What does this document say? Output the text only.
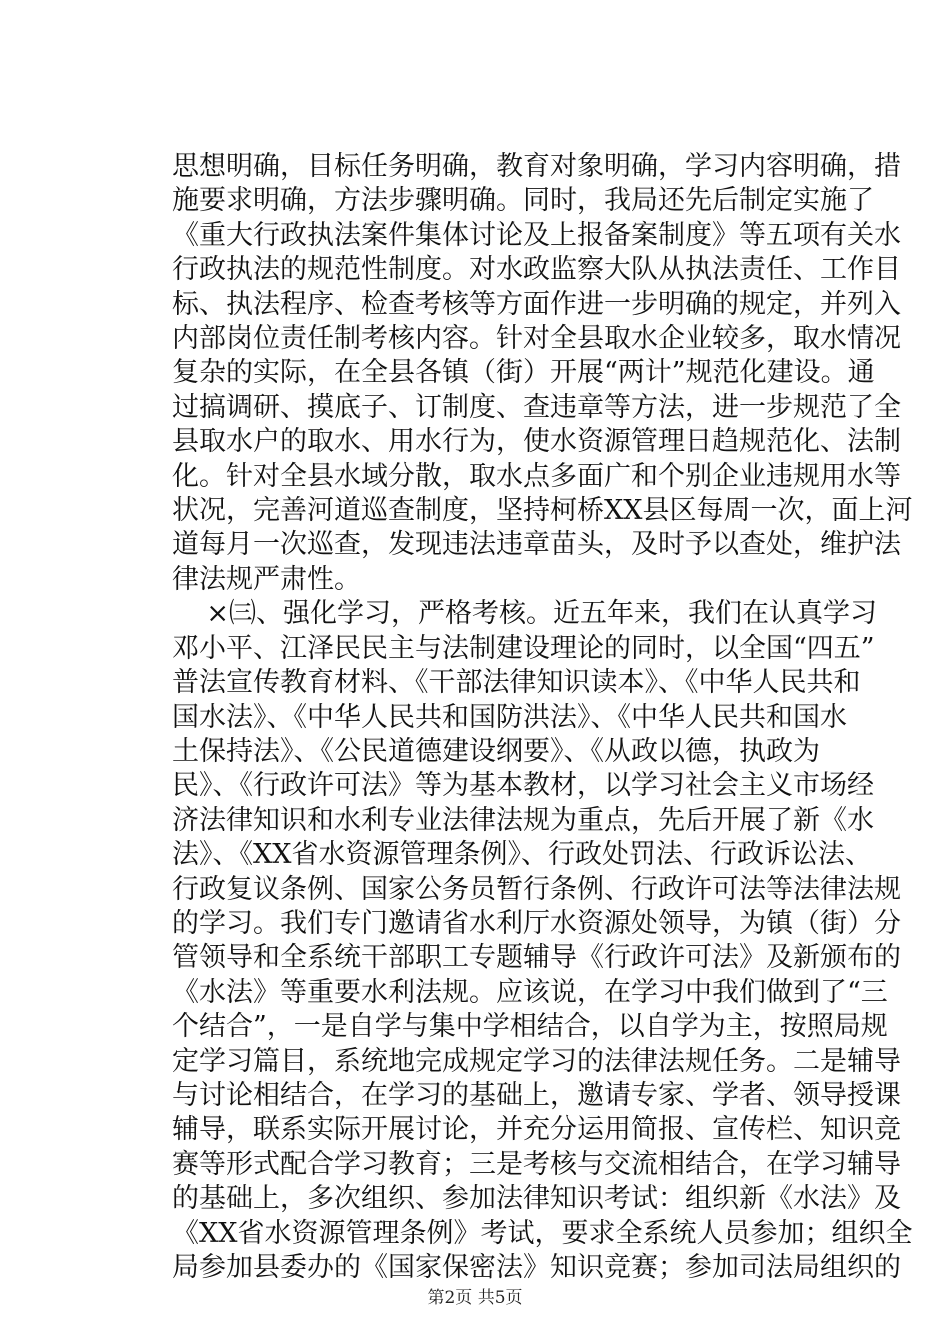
思想明确，目标任务明确，教育对象明确，学习内容明确，措
施要求明确，方法步骤明确。同时，我局还先后制定实施了
《重大行政执法案件集体讨论及上报备案制度》等五项有关水
行政执法的规范性制度。对水政监察大队从执法责任、工作目
标、执法程序、检查考核等方面作进一步明确的规定，并列入
内部岗位责任制考核内容。针对全县取水企业较多，取水情况
复杂的实际，在全县各镇（街）开展“两计”规范化建设。通
过搞调研、摸底子、订制度、查违章等方法，进一步规范了全
县取水户的取水、用水行为，使水资源管理日趋规范化、法制
化。针对全县水域分散，取水点多面广和个别企业违规用水等
状况，完善河道巡查制度，坚持柯桥XX县区每周一次，面上河
道每月一次巡查，发现违法违章苗头，及时予以查处，维护法
律法规严肃性。
×㈢、强化学习，严格考核。近五年来，我们在认真学习
邓小平、江泽民民主与法制建设理论的同时，以全国“四五”
普法宣传教育材料、《干部法律知识读本》、《中华人民共和
国水法》、《中华人民共和国防洪法》、《中华人民共和国水
土保持法》、《公民道德建设纲要》、《从政以德，执政为
民》、《行政许可法》等为基本教材，以学习社会主义市场经
济法律知识和水利专业法律法规为重点，先后开展了新《水
法》、《XX省水资源管理条例》、行政处罚法、行政诉讼法、
行政复议条例、国家公务员暂行条例、行政许可法等法律法规
的学习。我们专门邀请省水利厅水资源处领导，为镇（街）分
管领导和全系统干部职工专题辅导《行政许可法》及新颁布的
《水法》等重要水利法规。应该说，在学习中我们做到了“三
个结合”，一是自学与集中学相结合，以自学为主，按照局规
定学习篇目，系统地完成规定学习的法律法规任务。二是辅导
与讨论相结合，在学习的基础上，邀请专家、学者、领导授课
辅导，联系实际开展讨论，并充分运用简报、宣传栏、知识竞
赛等形式配合学习教育；三是考核与交流相结合，在学习辅导
的基础上，多次组织、参加法律知识考试：组织新《水法》及
《XX省水资源管理条例》考试，要求全系统人员参加；组织全
局参加县委办的《国家保密法》知识竞赛；参加司法局组织的
第2页 共5页
